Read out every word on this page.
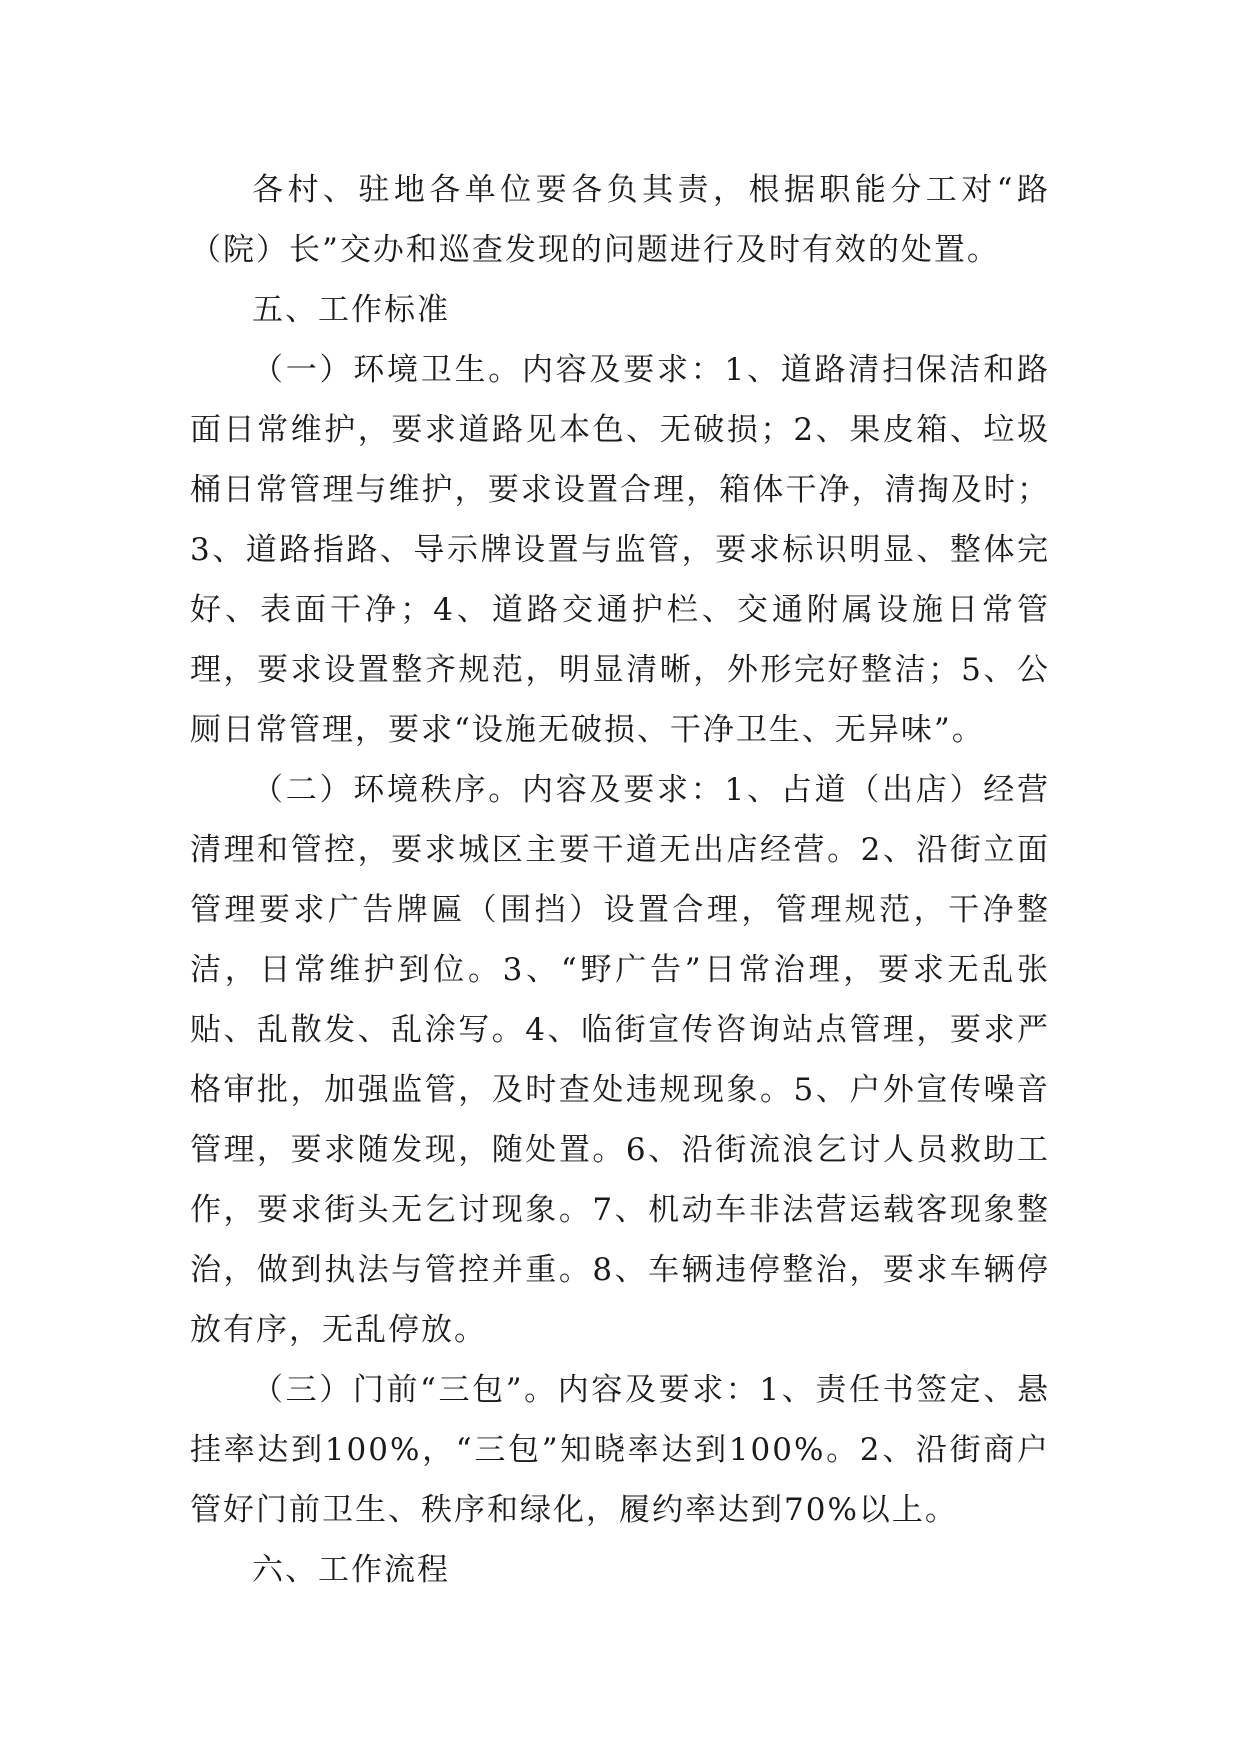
各村、驻地各单位要各负其责，根据职能分工对“路（院）长”交办和巡查发现的问题进行及时有效的处置。

五、工作标准

（一）环境卫生。内容及要求：1、道路清扫保洁和路面日常维护，要求道路见本色、无破损；2、果皮箱、垃圾桶日常管理与维护，要求设置合理，箱体干净，清掏及时；3、道路指路、导示牌设置与监管，要求标识明显、整体完好、表面干净；4、道路交通护栏、交通附属设施日常管理，要求设置整齐规范，明显清晰，外形完好整洁；5、公厕日常管理，要求“设施无破损、干净卫生、无异味”。

（二）环境秩序。内容及要求：1、占道（出店）经营清理和管控，要求城区主要干道无出店经营。2、沿街立面管理要求广告牌匾（围挡）设置合理，管理规范，干净整洁，日常维护到位。3、“野广告”日常治理，要求无乱张贴、乱散发、乱涂写。4、临街宣传咨询站点管理，要求严格审批，加强监管，及时查处违规现象。5、户外宣传噪音管理，要求随发现，随处置。6、沿街流浪乞讨人员救助工作，要求街头无乞讨现象。7、机动车非法营运载客现象整治，做到执法与管控并重。8、车辆违停整治，要求车辆停放有序，无乱停放。

（三）门前“三包”。内容及要求：1、责任书签定、悬挂率达到100%，“三包”知晓率达到100%。2、沿街商户管好门前卫生、秩序和绿化，履约率达到70%以上。

六、工作流程
